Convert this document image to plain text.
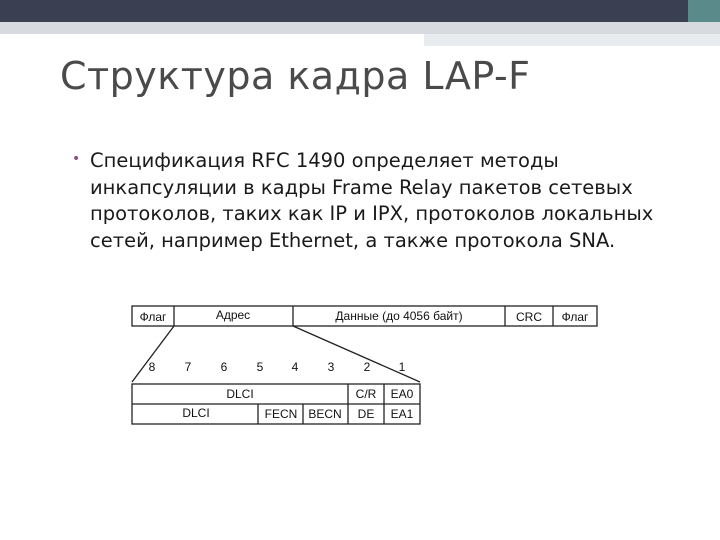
Структура кадра LAP-F
• Спецификация RFC 1490 определяет методы инкапсуляции в кадры Frame Relay пакетов сетевых протоколов, таких как IP и IPX, протоколов локальных сетей, например Ethernet, а также протокола SNA.
Флаг	Адрес	Данные (до 4056 байт)	CRC Флаг
8 7 6 5 4 3 2 1
DLCI	C/R EA0
DLCI	FECN BECN DE EA1
